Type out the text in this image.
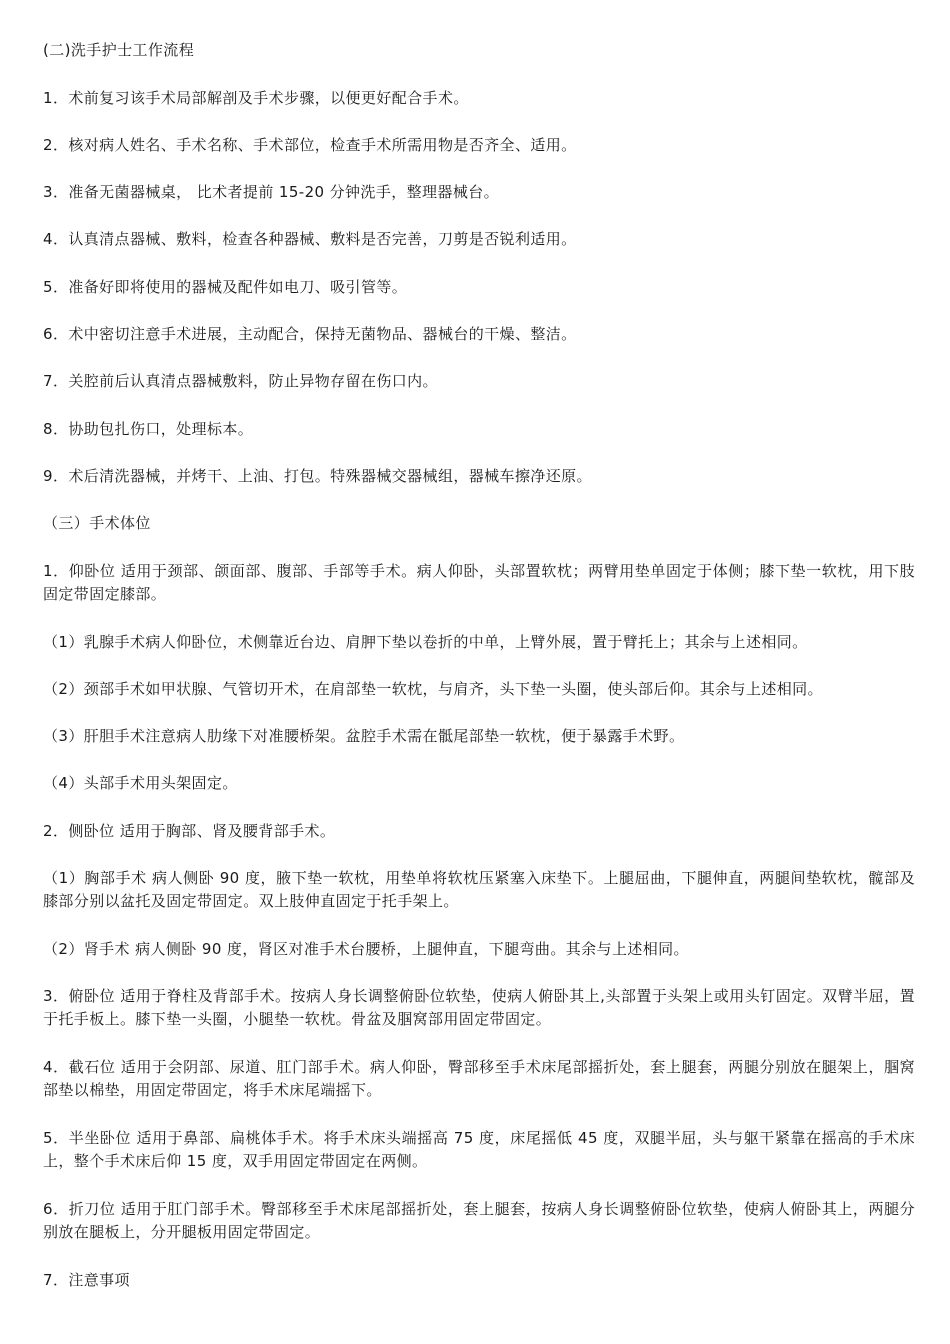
(二)洗手护士工作流程
1．术前复习该手术局部解剖及手术步骤，以便更好配合手术。
2．核对病人姓名、手术名称、手术部位，检查手术所需用物是否齐全、适用。
3．准备无菌器械桌， 比术者提前 15-20 分钟洗手，整理器械台。
4．认真清点器械、敷料，检查各种器械、敷料是否完善，刀剪是否锐利适用。
5．准备好即将使用的器械及配件如电刀、吸引管等。
6．术中密切注意手术进展，主动配合，保持无菌物品、器械台的干燥、整洁。
7．关腔前后认真清点器械敷料，防止异物存留在伤口内。
8．协助包扎伤口，处理标本。
9．术后清洗器械，并烤干、上油、打包。特殊器械交器械组，器械车擦净还原。
（三）手术体位
1．仰卧位 适用于颈部、颌面部、腹部、手部等手术。病人仰卧，头部置软枕；两臂用垫单固定于体侧；膝下垫一软枕，用下肢固定带固定膝部。
（1）乳腺手术病人仰卧位，术侧靠近台边、肩胛下垫以卷折的中单，上臂外展，置于臂托上；其余与上述相同。
（2）颈部手术如甲状腺、气管切开术，在肩部垫一软枕，与肩齐，头下垫一头圈，使头部后仰。其余与上述相同。
（3）肝胆手术注意病人肋缘下对准腰桥架。盆腔手术需在骶尾部垫一软枕，便于暴露手术野。
（4）头部手术用头架固定。
2．侧卧位 适用于胸部、肾及腰背部手术。
（1）胸部手术 病人侧卧 90 度，腋下垫一软枕，用垫单将软枕压紧塞入床垫下。上腿屈曲，下腿伸直，两腿间垫软枕，髋部及膝部分别以盆托及固定带固定。双上肢伸直固定于托手架上。
（2）肾手术 病人侧卧 90 度，肾区对准手术台腰桥，上腿伸直，下腿弯曲。其余与上述相同。
3．俯卧位 适用于脊柱及背部手术。按病人身长调整俯卧位软垫，使病人俯卧其上,头部置于头架上或用头钉固定。双臂半屈，置于托手板上。膝下垫一头圈，小腿垫一软枕。骨盆及腘窝部用固定带固定。
4．截石位 适用于会阴部、尿道、肛门部手术。病人仰卧，臀部移至手术床尾部摇折处，套上腿套，两腿分别放在腿架上，腘窝部垫以棉垫，用固定带固定，将手术床尾端摇下。
5．半坐卧位 适用于鼻部、扁桃体手术。将手术床头端摇高 75 度，床尾摇低 45 度，双腿半屈，头与躯干紧靠在摇高的手术床上，整个手术床后仰 15 度，双手用固定带固定在两侧。
6．折刀位 适用于肛门部手术。臀部移至手术床尾部摇折处，套上腿套，按病人身长调整俯卧位软垫，使病人俯卧其上，两腿分别放在腿板上，分开腿板用固定带固定。
7．注意事项
